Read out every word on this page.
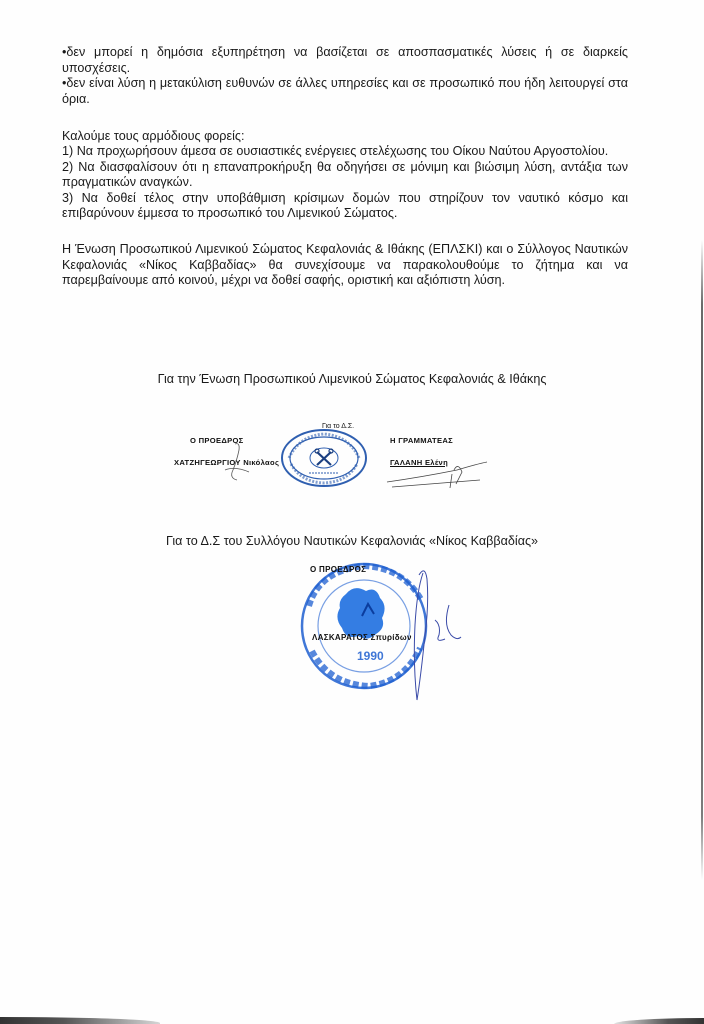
•δεν μπορεί η δημόσια εξυπηρέτηση να βασίζεται σε αποσπασματικές λύσεις ή σε διαρκείς υποσχέσεις.

•δεν είναι λύση η μετακύλιση ευθυνών σε άλλες υπηρεσίες και σε προσωπικό που ήδη λειτουργεί στα όρια.

Καλούμε τους αρμόδιους φορείς:

1) Να προχωρήσουν άμεσα σε ουσιαστικές ενέργειες στελέχωσης του Οίκου Ναύτου Αργοστολίου.

2) Να διασφαλίσουν ότι η επαναπροκήρυξη θα οδηγήσει σε μόνιμη και βιώσιμη λύση, αντάξια των πραγματικών αναγκών.

3) Να δοθεί τέλος στην υποβάθμιση κρίσιμων δομών που στηρίζουν τον ναυτικό κόσμο και επιβαρύνουν έμμεσα το προσωπικό του Λιμενικού Σώματος.

Η Ένωση Προσωπικού Λιμενικού Σώματος Κεφαλονιάς & Ιθάκης (ΕΠΛΣΚΙ) και ο Σύλλογος Ναυτικών Κεφαλονιάς «Νίκος Καββαδίας» θα συνεχίσουμε να παρακολουθούμε το ζήτημα και να παρεμβαίνουμε από κοινού, μέχρι να δοθεί σαφής, οριστική και αξιόπιστη λύση.

Για την Ένωση Προσωπικού Λιμενικού Σώματος Κεφαλονιάς & Ιθάκης
Για το Δ.Σ.
Ο ΠΡΟΕΔΡΟΣ
ΧΑΤΖΗΓΕΩΡΓΙΟΥ Νικόλαος
Η ΓΡΑΜΜΑΤΕΑΣ
ΓΑΛΑΝΗ Ελένη
Για το Δ.Σ του Συλλόγου Ναυτικών Κεφαλονιάς «Νίκος Καββαδίας»
1990
Ο ΠΡΟΕΔΡΟΣ
ΛΑΣΚΑΡΑΤΟΣ Σπυρίδων
